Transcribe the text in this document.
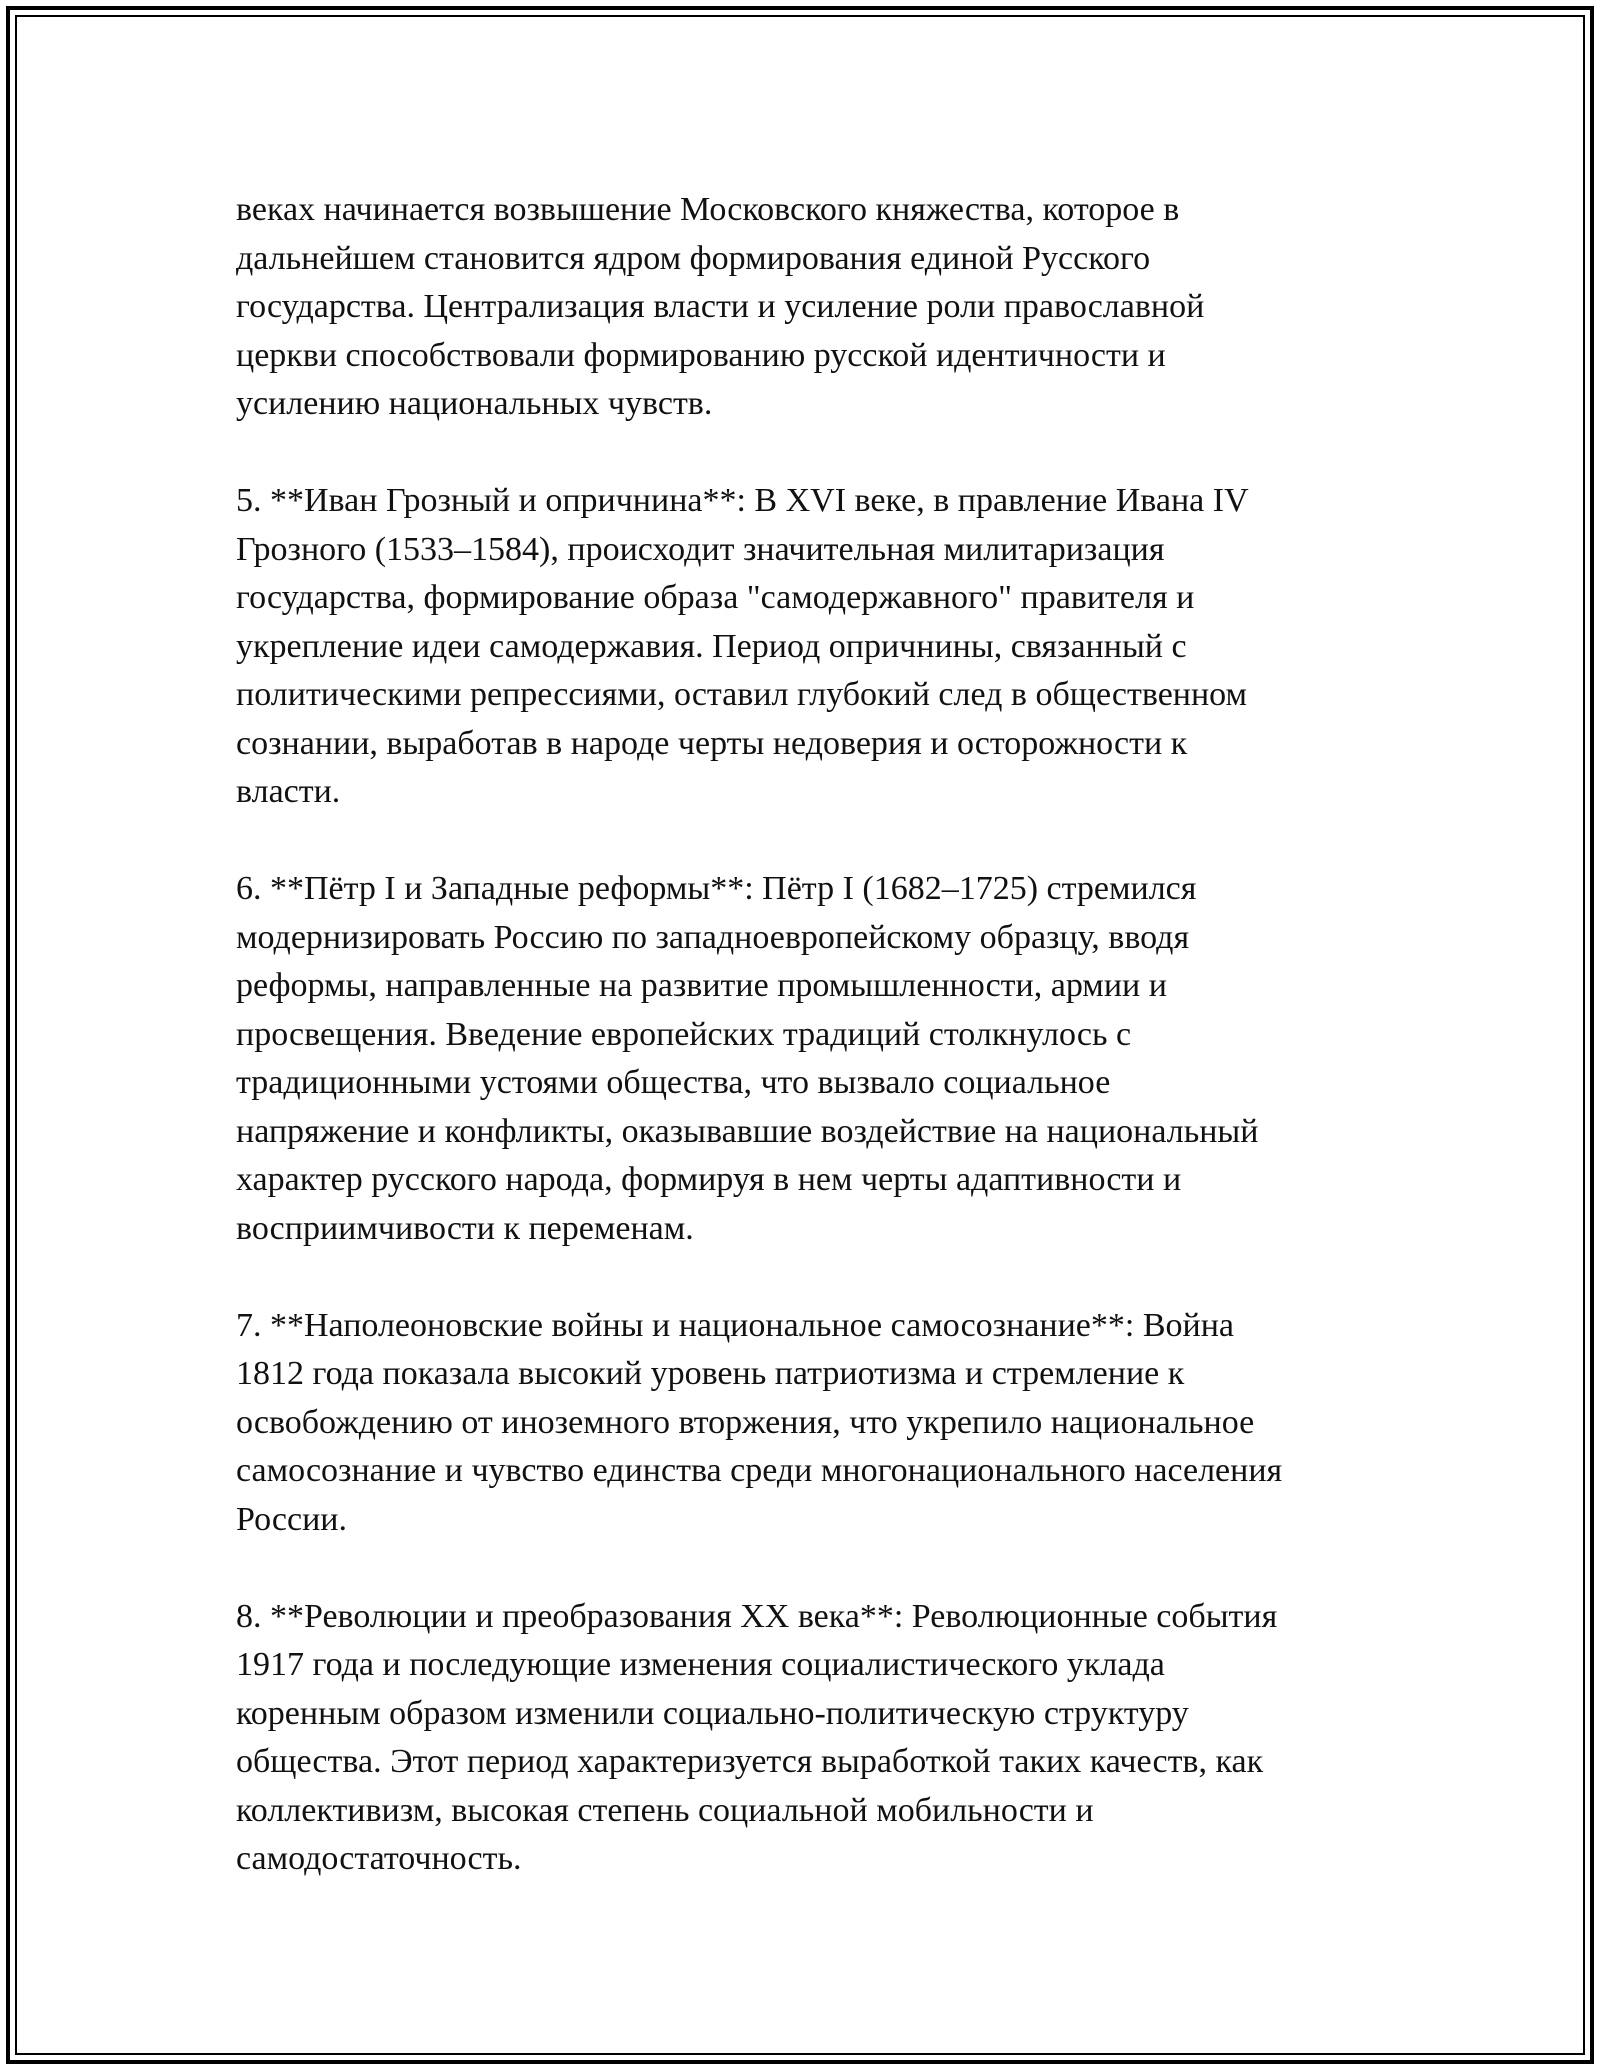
веках начинается возвышение Московского княжества, которое в
дальнейшем становится ядром формирования единой Русского
государства. Централизация власти и усиление роли православной
церкви способствовали формированию русской идентичности и
усилению национальных чувств.

5. **Иван Грозный и опричнина**: В XVI веке, в правление Ивана IV
Грозного (1533–1584), происходит значительная милитаризация
государства, формирование образа "самодержавного" правителя и
укрепление идеи самодержавия. Период опричнины, связанный с
политическими репрессиями, оставил глубокий след в общественном
сознании, выработав в народе черты недоверия и осторожности к
власти.

6. **Пётр I и Западные реформы**: Пётр I (1682–1725) стремился
модернизировать Россию по западноевропейскому образцу, вводя
реформы, направленные на развитие промышленности, армии и
просвещения. Введение европейских традиций столкнулось с
традиционными устоями общества, что вызвало социальное
напряжение и конфликты, оказывавшие воздействие на национальный
характер русского народа, формируя в нем черты адаптивности и
восприимчивости к переменам.

7. **Наполеоновские войны и национальное самосознание**: Война
1812 года показала высокий уровень патриотизма и стремление к
освобождению от иноземного вторжения, что укрепило национальное
самосознание и чувство единства среди многонационального населения
России.

8. **Революции и преобразования XX века**: Революционные события
1917 года и последующие изменения социалистического уклада
коренным образом изменили социально-политическую структуру
общества. Этот период характеризуется выработкой таких качеств, как
коллективизм, высокая степень социальной мобильности и
самодостаточность.
